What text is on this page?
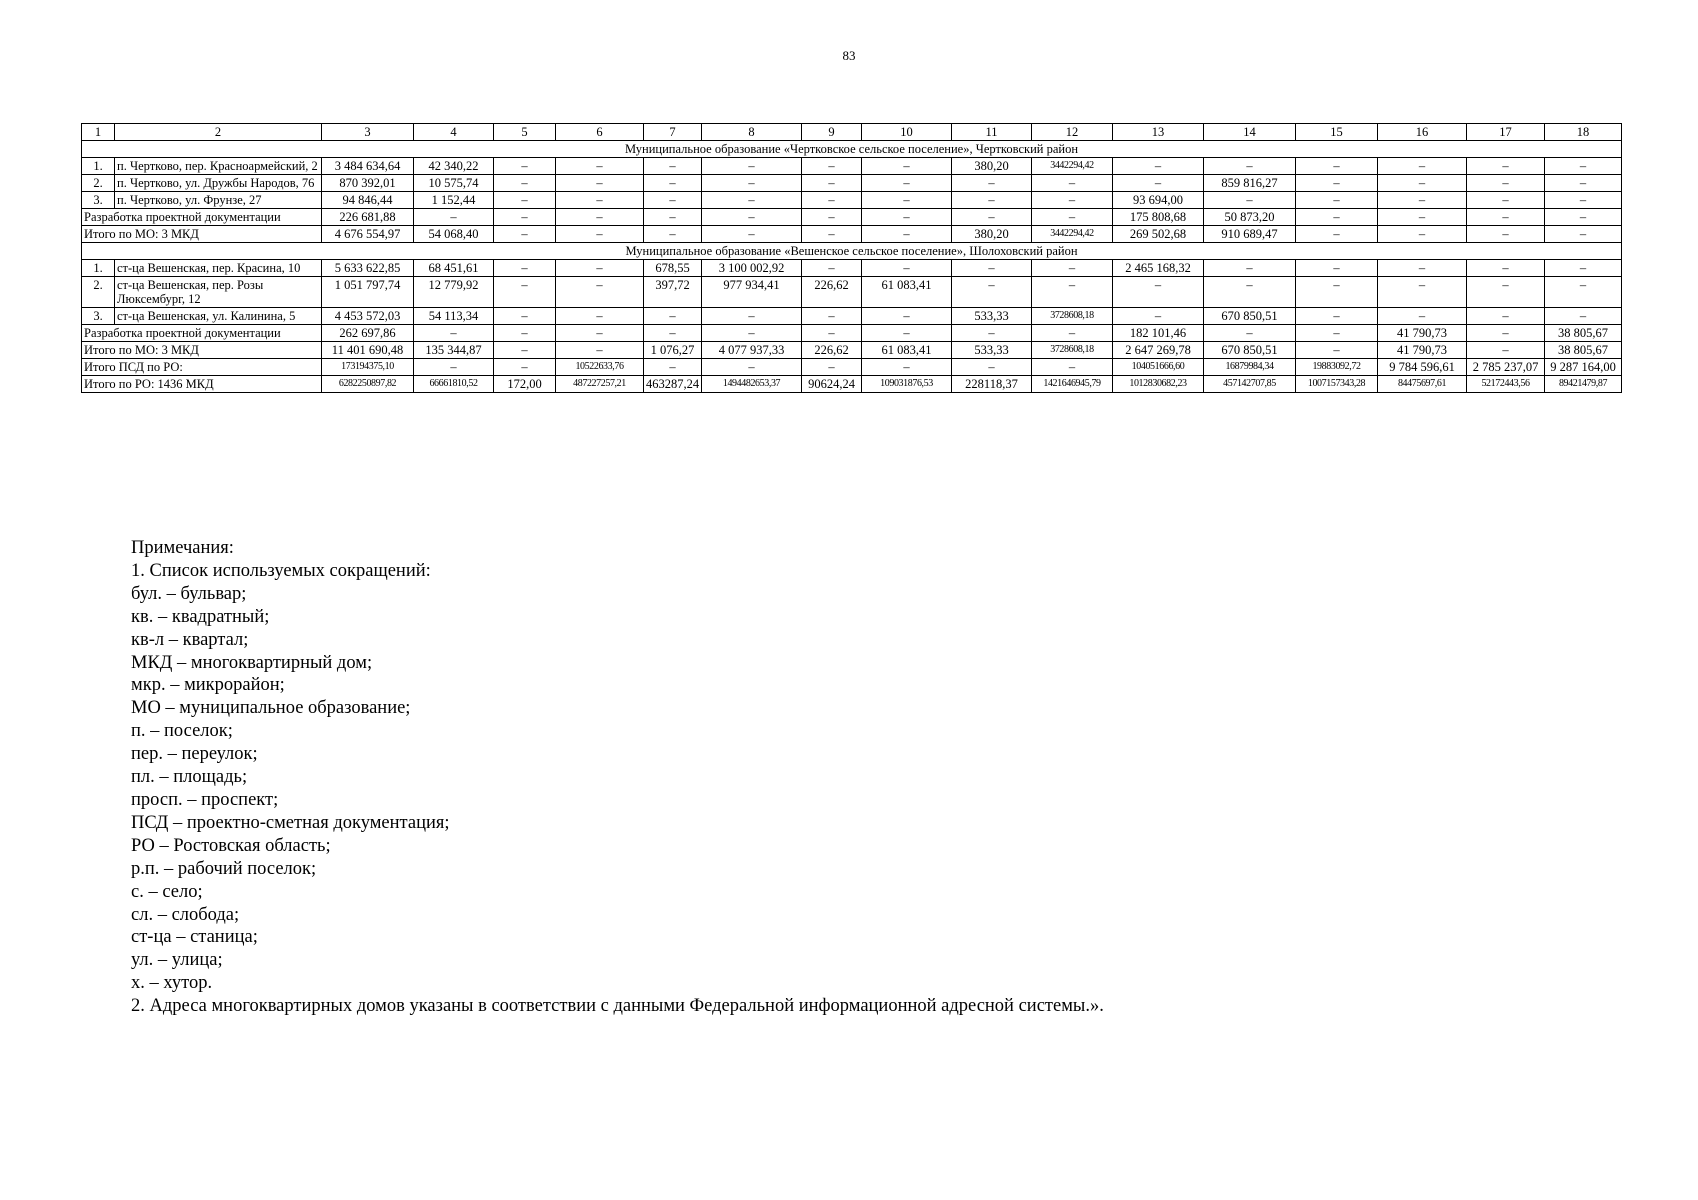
83
1	2	3	4	5	6	7	8	9	10	11	12	13	14	15	16	17	18
Муниципальное образование «Чертковское сельское поселение», Чертковский район																	
1.	п. Чертково, пер. Красноармейский, 2	3 484 634,64	42 340,22	–	–	–	–	–	–	380,20	3442294,42	–	–	–	–	–	–
2.	п. Чертково, ул. Дружбы Народов, 76	870 392,01	10 575,74	–	–	–	–	–	–	–	–	–	859 816,27	–	–	–	–
3.	п. Чертково, ул. Фрунзе, 27	94 846,44	1 152,44	–	–	–	–	–	–	–	–	93 694,00	–	–	–	–	–
Разработка проектной документации		226 681,88	–	–	–	–	–	–	–	–	–	175 808,68	50 873,20	–	–	–	–
Итого по МО: 3 МКД		4 676 554,97	54 068,40	–	–	–	–	–	–	380,20	3442294,42	269 502,68	910 689,47	–	–	–	–
Муниципальное образование «Вешенское сельское поселение», Шолоховский район																	
1.	ст-ца Вешенская, пер. Красина, 10	5 633 622,85	68 451,61	–	–	678,55	3 100 002,92	–	–	–	–	2 465 168,32	–	–	–	–	–
2.	ст-ца Вешенская, пер. Розы Люксембург, 12	1 051 797,74	12 779,92	–	–	397,72	977 934,41	226,62	61 083,41	–	–	–	–	–	–	–	–
3.	ст-ца Вешенская, ул. Калинина, 5	4 453 572,03	54 113,34	–	–	–	–	–	–	533,33	3728608,18	–	670 850,51	–	–	–	–
Разработка проектной документации		262 697,86	–	–	–	–	–	–	–	–	–	182 101,46	–	–	41 790,73	–	38 805,67
Итого по МО: 3 МКД		11 401 690,48	135 344,87	–	–	1 076,27	4 077 937,33	226,62	61 083,41	533,33	3728608,18	2 647 269,78	670 850,51	–	41 790,73	–	38 805,67
Итого ПСД по РО:		173194375,10	–	–	10522633,76	–	–	–	–	–	–	104051666,60	16879984,34	19883092,72	9 784 596,61	2 785 237,07	9 287 164,00
Итого по РО: 1436 МКД		6282250897,82	66661810,52	172,00	487227257,21	463287,24	1494482653,37	90624,24	109031876,53	228118,37	1421646945,79	1012830682,23	457142707,85	1007157343,28	84475697,61	52172443,56	89421479,87
Примечания:
1. Список используемых сокращений:
бул. – бульвар;
кв. – квадратный;
кв-л – квартал;
МКД – многоквартирный дом;
мкр. – микрорайон;
МО – муниципальное образование;
п. – поселок;
пер. – переулок;
пл. – площадь;
просп. – проспект;
ПСД – проектно-сметная документация;
РО – Ростовская область;
р.п. – рабочий поселок;
с. – село;
сл. – слобода;
ст-ца – станица;
ул. – улица;
х. – хутор.
2. Адреса многоквартирных домов указаны в соответствии с данными Федеральной информационной адресной системы.».
